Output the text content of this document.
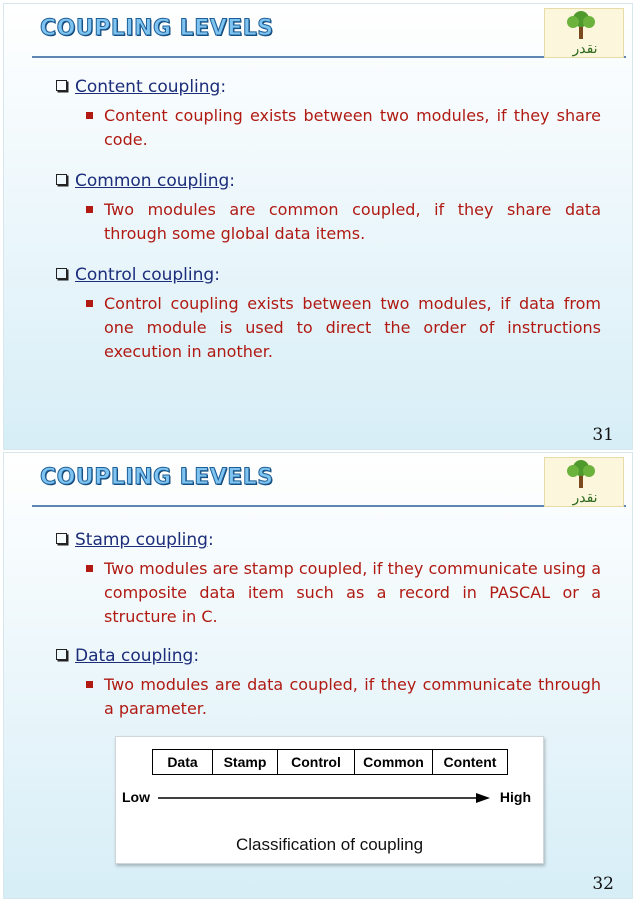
COUPLING LEVELS
نقدر
Content coupling:
Content coupling exists between two modules, if they share code.
Common coupling:
Two modules are common coupled, if they share data through some global data items.
Control coupling:
Control coupling exists between two modules, if data from one module is used to direct the order of instructions execution in another.
31
COUPLING LEVELS
نقدر
Stamp coupling:
Two modules are stamp coupled, if they communicate using a composite data item such as a record in PASCAL or a structure in C.
Data coupling:
Two modules are data coupled, if they communicate through a parameter.
Data	Stamp	Control	Common	Content
Low	High
Classification of coupling
32
